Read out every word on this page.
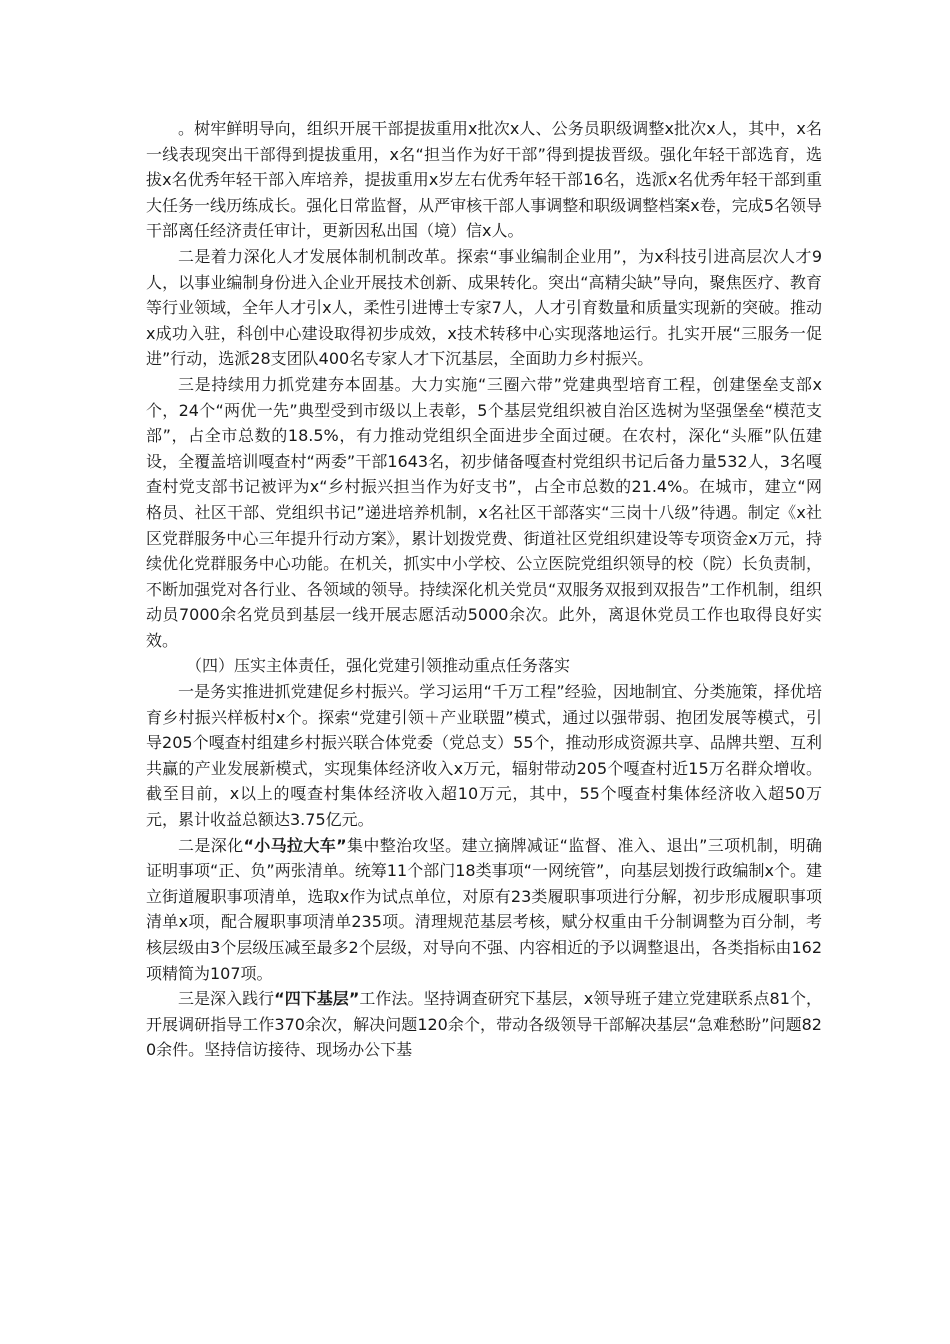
。树牢鲜明导向，组织开展干部提拔重用x批次x人、公务员职级调整x批次x人，其中，x名一线表现突出干部得到提拔重用，x名“担当作为好干部”得到提拔晋级。强化年轻干部选育，选拔x名优秀年轻干部入库培养，提拔重用x岁左右优秀年轻干部16名，选派x名优秀年轻干部到重大任务一线历练成长。强化日常监督，从严审核干部人事调整和职级调整档案x卷，完成5名领导干部离任经济责任审计，更新因私出国（境）信x人。

二是着力深化人才发展体制机制改革。探索“事业编制企业用”，为x科技引进高层次人才9人，以事业编制身份进入企业开展技术创新、成果转化。突出“高精尖缺”导向，聚焦医疗、教育等行业领域，全年人才引x人，柔性引进博士专家7人，人才引育数量和质量实现新的突破。推动x成功入驻，科创中心建设取得初步成效，x技术转移中心实现落地运行。扎实开展“三服务一促进”行动，选派28支团队400名专家人才下沉基层，全面助力乡村振兴。

三是持续用力抓党建夯本固基。大力实施“三圈六带”党建典型培育工程，创建堡垒支部x个，24个“两优一先”典型受到市级以上表彰，5个基层党组织被自治区选树为坚强堡垒“模范支部”，占全市总数的18.5%，有力推动党组织全面进步全面过硬。在农村，深化“头雁”队伍建设，全覆盖培训嘎查村“两委”干部1643名，初步储备嘎查村党组织书记后备力量532人，3名嘎查村党支部书记被评为x“乡村振兴担当作为好支书”，占全市总数的21.4%。在城市，建立“网格员、社区干部、党组织书记”递进培养机制，x名社区干部落实“三岗十八级”待遇。制定《x社区党群服务中心三年提升行动方案》，累计划拨党费、街道社区党组织建设等专项资金x万元，持续优化党群服务中心功能。在机关，抓实中小学校、公立医院党组织领导的校（院）长负责制，不断加强党对各行业、各领域的领导。持续深化机关党员“双服务双报到双报告”工作机制，组织动员7000余名党员到基层一线开展志愿活动5000余次。此外，离退休党员工作也取得良好实效。

（四）压实主体责任，强化党建引领推动重点任务落实

一是务实推进抓党建促乡村振兴。学习运用“千万工程”经验，因地制宜、分类施策，择优培育乡村振兴样板村x个。探索“党建引领＋产业联盟”模式，通过以强带弱、抱团发展等模式，引导205个嘎查村组建乡村振兴联合体党委（党总支）55个，推动形成资源共享、品牌共塑、互利共赢的产业发展新模式，实现集体经济收入x万元，辐射带动205个嘎查村近15万名群众增收。截至目前，x以上的嘎查村集体经济收入超10万元，其中，55个嘎查村集体经济收入超50万元，累计收益总额达3.75亿元。

二是深化“小马拉大车”集中整治攻坚。建立摘牌减证“监督、准入、退出”三项机制，明确证明事项“正、负”两张清单。统筹11个部门18类事项“一网统管”，向基层划拨行政编制x个。建立街道履职事项清单，选取x作为试点单位，对原有23类履职事项进行分解，初步形成履职事项清单x项，配合履职事项清单235项。清理规范基层考核，赋分权重由千分制调整为百分制，考核层级由3个层级压减至最多2个层级，对导向不强、内容相近的予以调整退出，各类指标由162项精简为107项。

三是深入践行“四下基层”工作法。坚持调查研究下基层，x领导班子建立党建联系点81个，开展调研指导工作370余次，解决问题120余个，带动各级领导干部解决基层“急难愁盼”问题820余件。坚持信访接待、现场办公下基
